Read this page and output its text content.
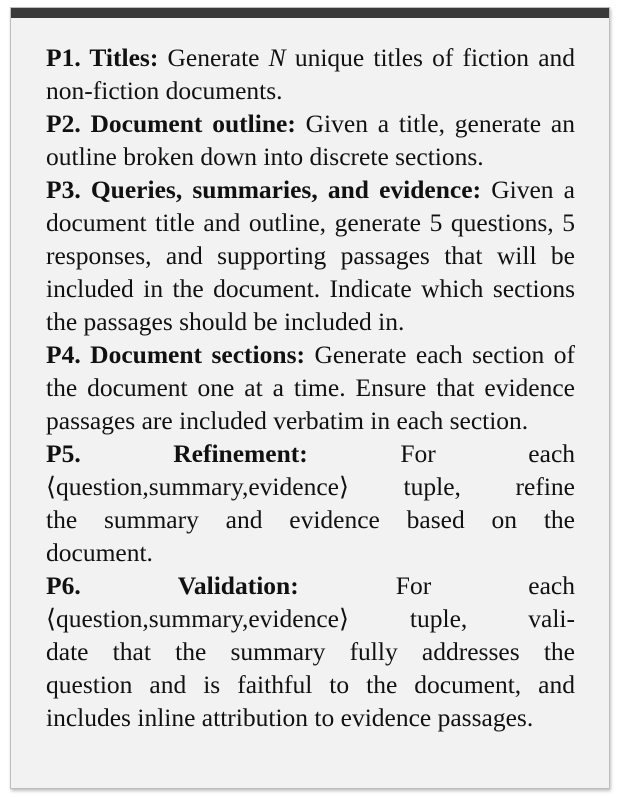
P1. Titles: Generate N unique titles of fiction and non-fiction documents.

P2. Document outline: Given a title, generate an outline broken down into discrete sections.

P3. Queries, summaries, and evidence: Given a document title and outline, generate 5 questions, 5 responses, and supporting passages that will be included in the document. Indicate which sections the passages should be included in.

P4. Document sections: Generate each section of the document one at a time. Ensure that evidence passages are included verbatim in each section.

P5.	Refinement:	For each
⟨question,summary,evidence⟩ tuple, refine
the summary and evidence based on the
document.
P6.	Validation:	For each
⟨question,summary,evidence⟩ tuple, vali-
date that the summary fully addresses the
question and is faithful to the document, and
includes inline attribution to evidence passages.
